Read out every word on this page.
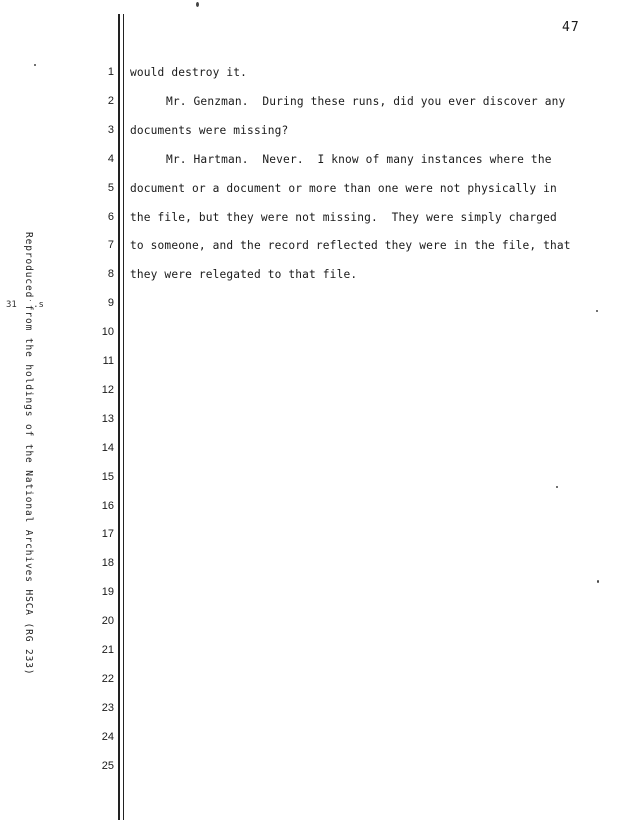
47
Reproduced from the holdings of the National Archives HSCA (RG 233)
31  ˙.s
1
2
3
4
5
6
7
8
9
10
11
12
13
14
15
16
17
18
19
20
21
22
23
24
25
would destroy it.
Mr. Genzman.  During these runs, did you ever discover any
documents were missing?
Mr. Hartman.  Never.  I know of many instances where the
document or a document or more than one were not physically in
the file, but they were not missing.  They were simply charged
to someone, and the record reflected they were in the file, that
they were relegated to that file.
